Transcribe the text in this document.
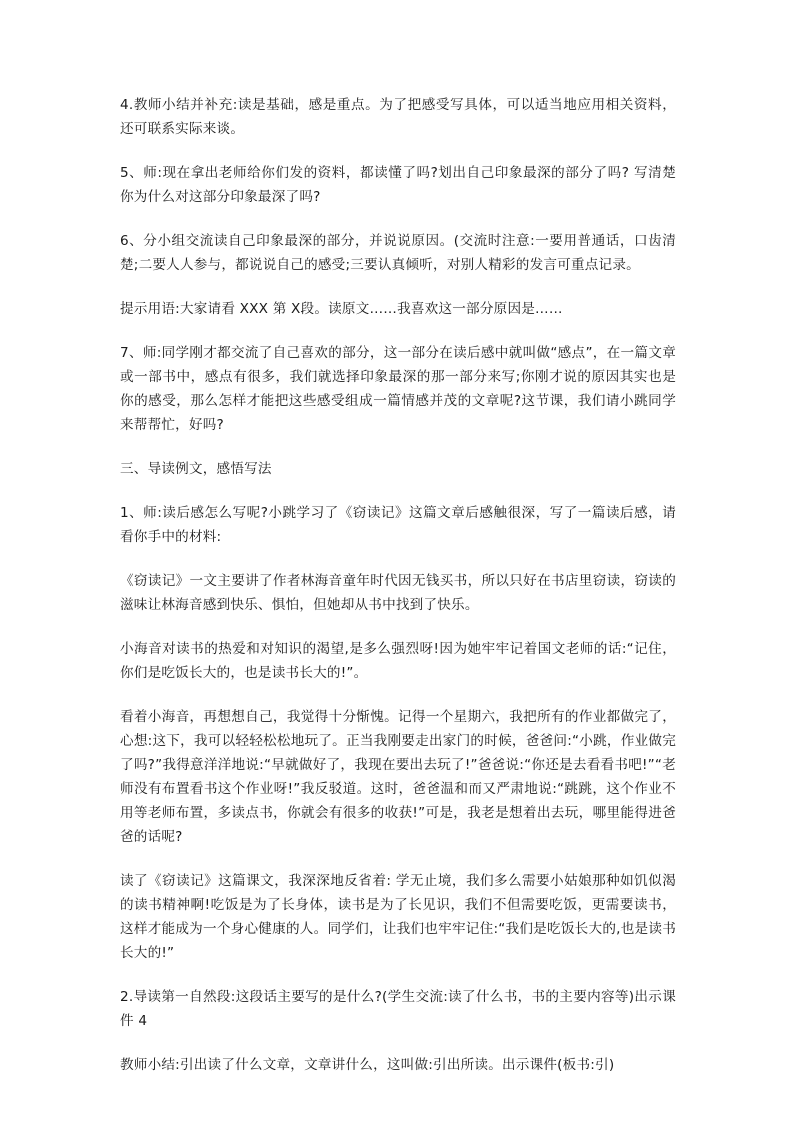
4.教师小结并补充:读是基础，感是重点。为了把感受写具体，可以适当地应用相关资料，还可联系实际来谈。

5、师:现在拿出老师给你们发的资料，都读懂了吗?划出自己印象最深的部分了吗? 写清楚你为什么对这部分印象最深了吗?

6、分小组交流读自己印象最深的部分，并说说原因。(交流时注意:一要用普通话，口齿清楚;二要人人参与，都说说自己的感受;三要认真倾听，对别人精彩的发言可重点记录。

提示用语:大家请看 XXX 第 X段。读原文……我喜欢这一部分原因是……

7、师:同学刚才都交流了自己喜欢的部分，这一部分在读后感中就叫做“感点”，在一篇文章或一部书中，感点有很多，我们就选择印象最深的那一部分来写;你刚才说的原因其实也是你的感受，那么怎样才能把这些感受组成一篇情感并茂的文章呢?这节课，我们请小跳同学来帮帮忙，好吗?

三、导读例文，感悟写法

1、师:读后感怎么写呢?小跳学习了《窃读记》这篇文章后感触很深，写了一篇读后感，请看你手中的材料:

《窃读记》一文主要讲了作者林海音童年时代因无钱买书，所以只好在书店里窃读，窃读的滋味让林海音感到快乐、惧怕，但她却从书中找到了快乐。

小海音对读书的热爱和对知识的渴望,是多么强烈呀!因为她牢牢记着国文老师的话:“记住，你们是吃饭长大的，也是读书长大的!”。

看着小海音，再想想自己，我觉得十分惭愧。记得一个星期六，我把所有的作业都做完了，心想:这下，我可以轻轻松松地玩了。正当我刚要走出家门的时候，爸爸问:“小跳，作业做完了吗?”我得意洋洋地说:“早就做好了，我现在要出去玩了!”爸爸说:“你还是去看看书吧!”“老师没有布置看书这个作业呀!”我反驳道。这时，爸爸温和而又严肃地说:“跳跳，这个作业不用等老师布置，多读点书，你就会有很多的收获!”可是，我老是想着出去玩，哪里能得进爸爸的话呢?

读了《窃读记》这篇课文，我深深地反省着: 学无止境，我们多么需要小姑娘那种如饥似渴的读书精神啊!吃饭是为了长身体，读书是为了长见识，我们不但需要吃饭，更需要读书，这样才能成为一个身心健康的人。同学们，让我们也牢牢记住:“我们是吃饭长大的,也是读书长大的!”

2.导读第一自然段:这段话主要写的是什么?(学生交流:读了什么书，书的主要内容等)出示课件 4

教师小结:引出读了什么文章，文章讲什么，这叫做:引出所读。出示课件(板书:引)
